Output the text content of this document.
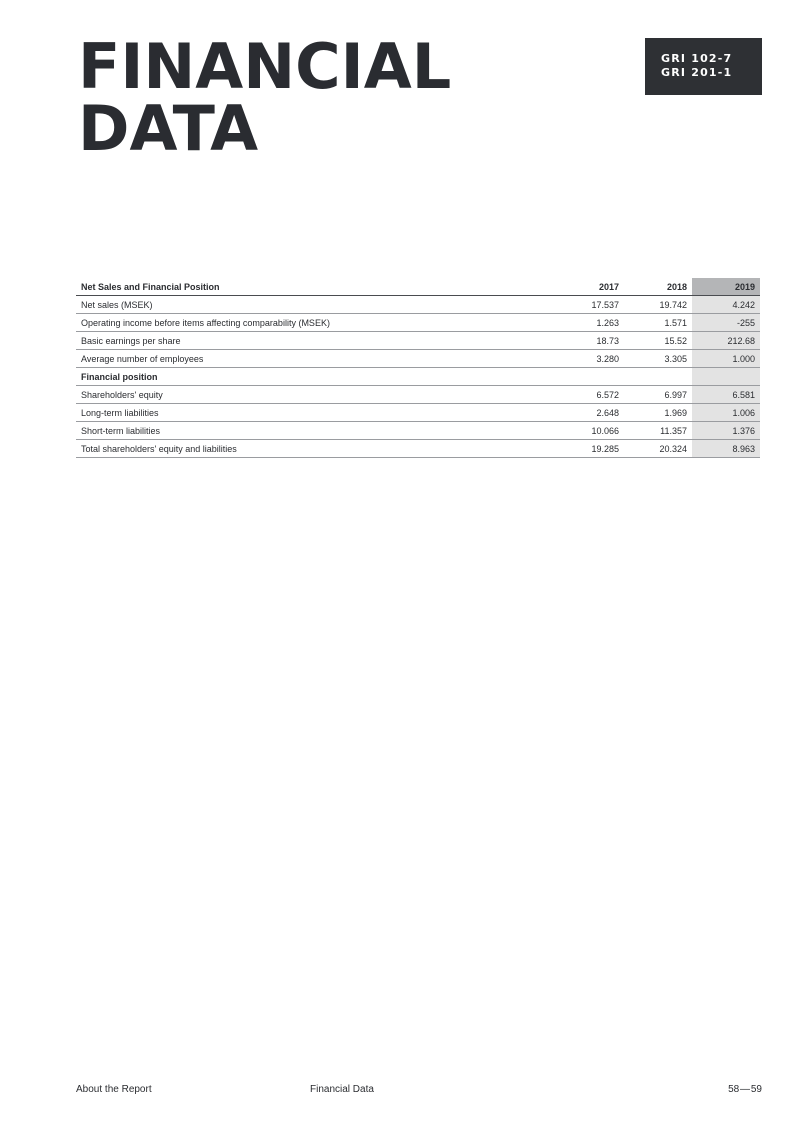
FINANCIAL
DATA
GRI 102-7
GRI 201-1
Net Sales and Financial Position	2017	2018	2019
Net sales (MSEK)	17.537	19.742	4.242
Operating income before items affecting comparability (MSEK)	1.263	1.571	-255
Basic earnings per share	18.73	15.52	212.68
Average number of employees	3.280	3.305	1.000
Financial position			
Shareholders' equity	6.572	6.997	6.581
Long-term liabilities	2.648	1.969	1.006
Short-term liabilities	10.066	11.357	1.376
Total shareholders' equity and liabilities	19.285	20.324	8.963
About the Report	Financial Data	58 — 59
